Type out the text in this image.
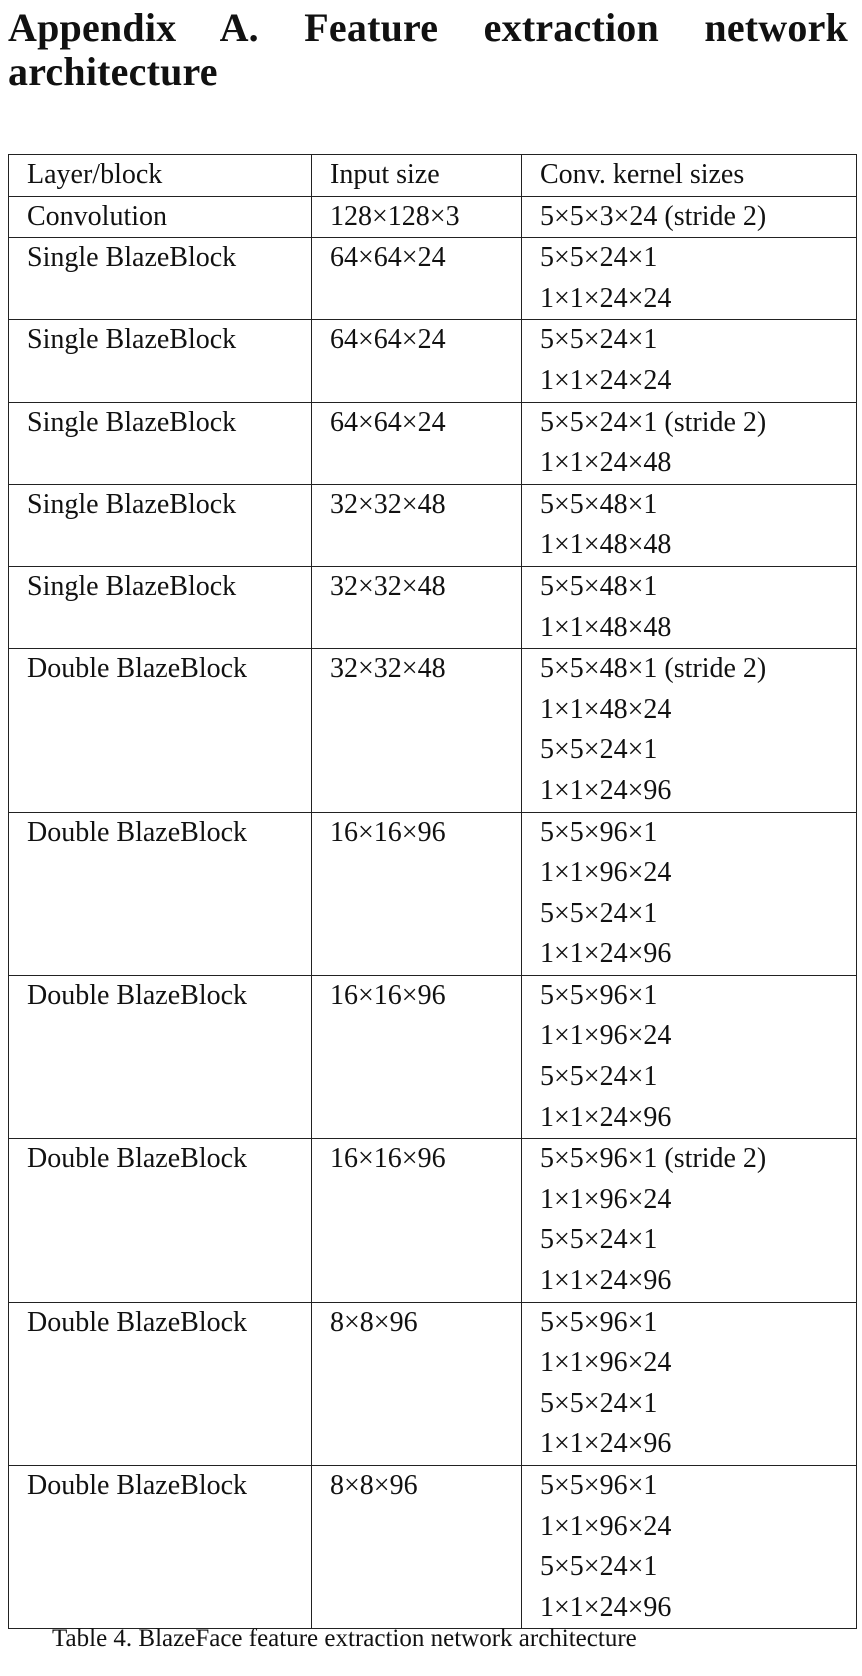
Appendix A. Feature extraction network architecture
Layer/block	Input size	Conv. kernel sizes
Convolution	128×128×3	5×5×3×24 (stride 2)

Single BlazeBlock	64×64×24	5×5×24×1
1×1×24×24

Single BlazeBlock	64×64×24	5×5×24×1
1×1×24×24

Single BlazeBlock	64×64×24	5×5×24×1 (stride 2)
1×1×24×48

Single BlazeBlock	32×32×48	5×5×48×1
1×1×48×48

Single BlazeBlock	32×32×48	5×5×48×1
1×1×48×48

Double BlazeBlock	32×32×48	5×5×48×1 (stride 2)
1×1×48×24
5×5×24×1
1×1×24×96

Double BlazeBlock	16×16×96	5×5×96×1
1×1×96×24
5×5×24×1
1×1×24×96

Double BlazeBlock	16×16×96	5×5×96×1
1×1×96×24
5×5×24×1
1×1×24×96

Double BlazeBlock	16×16×96	5×5×96×1 (stride 2)
1×1×96×24
5×5×24×1
1×1×24×96

Double BlazeBlock	8×8×96	5×5×96×1
1×1×96×24
5×5×24×1
1×1×24×96

Double BlazeBlock	8×8×96	5×5×96×1
1×1×96×24
5×5×24×1
1×1×24×96

Table 4. BlazeFace feature extraction network architecture
